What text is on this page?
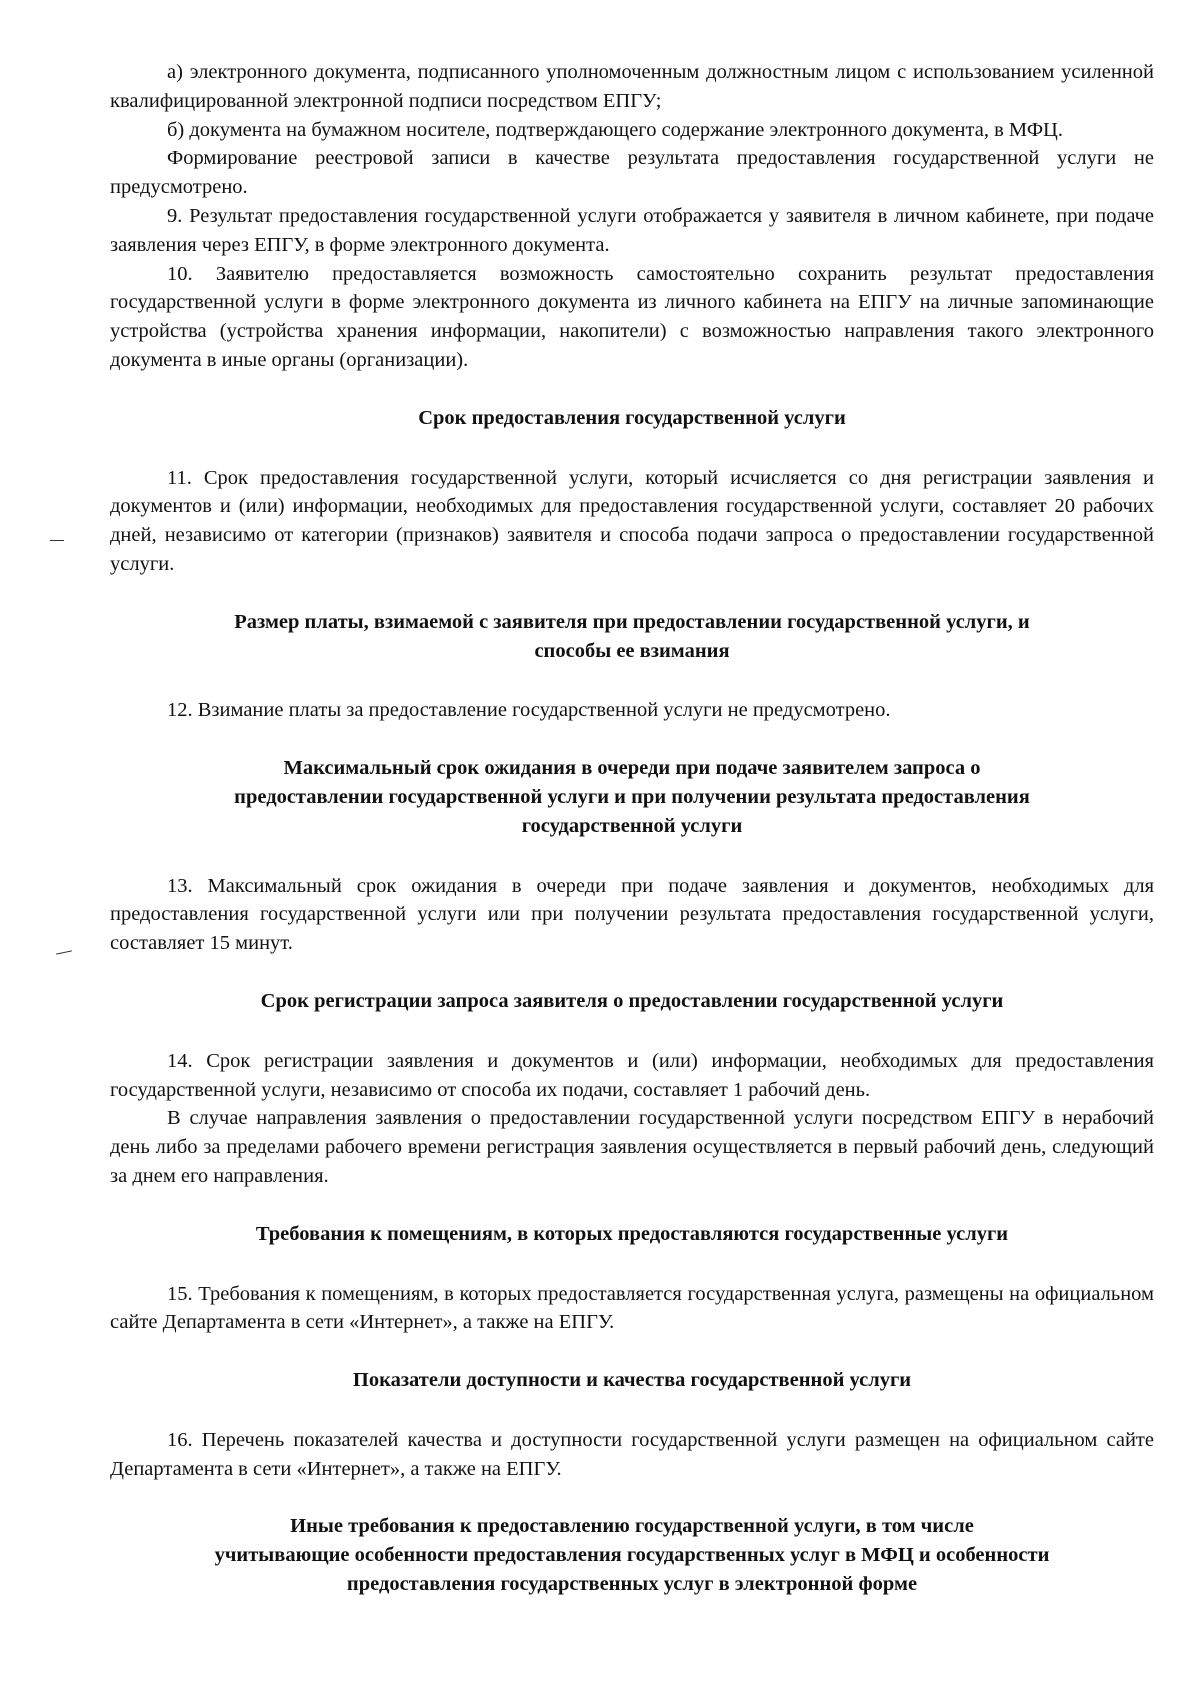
а) электронного документа, подписанного уполномоченным должностным лицом с использованием усиленной квалифицированной электронной подписи посредством ЕПГУ;

б) документа на бумажном носителе, подтверждающего содержание электронного документа, в МФЦ.

Формирование реестровой записи в качестве результата предоставления государственной услуги не предусмотрено.

9. Результат предоставления государственной услуги отображается у заявителя в личном кабинете, при подаче заявления через ЕПГУ, в форме электронного документа.

10. Заявителю предоставляется возможность самостоятельно сохранить результат предоставления государственной услуги в форме электронного документа из личного кабинета на ЕПГУ на личные запоминающие устройства (устройства хранения информации, накопители) с возможностью направления такого электронного документа в иные органы (организации).

Срок предоставления государственной услуги

11. Срок предоставления государственной услуги, который исчисляется со дня регистрации заявления и документов и (или) информации, необходимых для предоставления государственной услуги, составляет 20 рабочих дней, независимо от категории (признаков) заявителя и способа подачи запроса о предоставлении государственной услуги.

Размер платы, взимаемой с заявителя при предоставлении государственной услуги, и

способы ее взимания

12. Взимание платы за предоставление государственной услуги не предусмотрено.

Максимальный срок ожидания в очереди при подаче заявителем запроса о

предоставлении государственной услуги и при получении результата предоставления

государственной услуги

13. Максимальный срок ожидания в очереди при подаче заявления и документов, необходимых для предоставления государственной услуги или при получении результата предоставления государственной услуги, составляет 15 минут.

Срок регистрации запроса заявителя о предоставлении государственной услуги

14. Срок регистрации заявления и документов и (или) информации, необходимых для предоставления государственной услуги, независимо от способа их подачи, составляет 1 рабочий день.

В случае направления заявления о предоставлении государственной услуги посредством ЕПГУ в нерабочий день либо за пределами рабочего времени регистрация заявления осуществляется в первый рабочий день, следующий за днем его направления.

Требования к помещениям, в которых предоставляются государственные услуги

15. Требования к помещениям, в которых предоставляется государственная услуга, размещены на официальном сайте Департамента в сети «Интернет», а также на ЕПГУ.

Показатели доступности и качества государственной услуги

16. Перечень показателей качества и доступности государственной услуги размещен на официальном сайте Департамента в сети «Интернет», а также на ЕПГУ.

Иные требования к предоставлению государственной услуги, в том числе

учитывающие особенности предоставления государственных услуг в МФЦ и особенности

предоставления государственных услуг в электронной форме
